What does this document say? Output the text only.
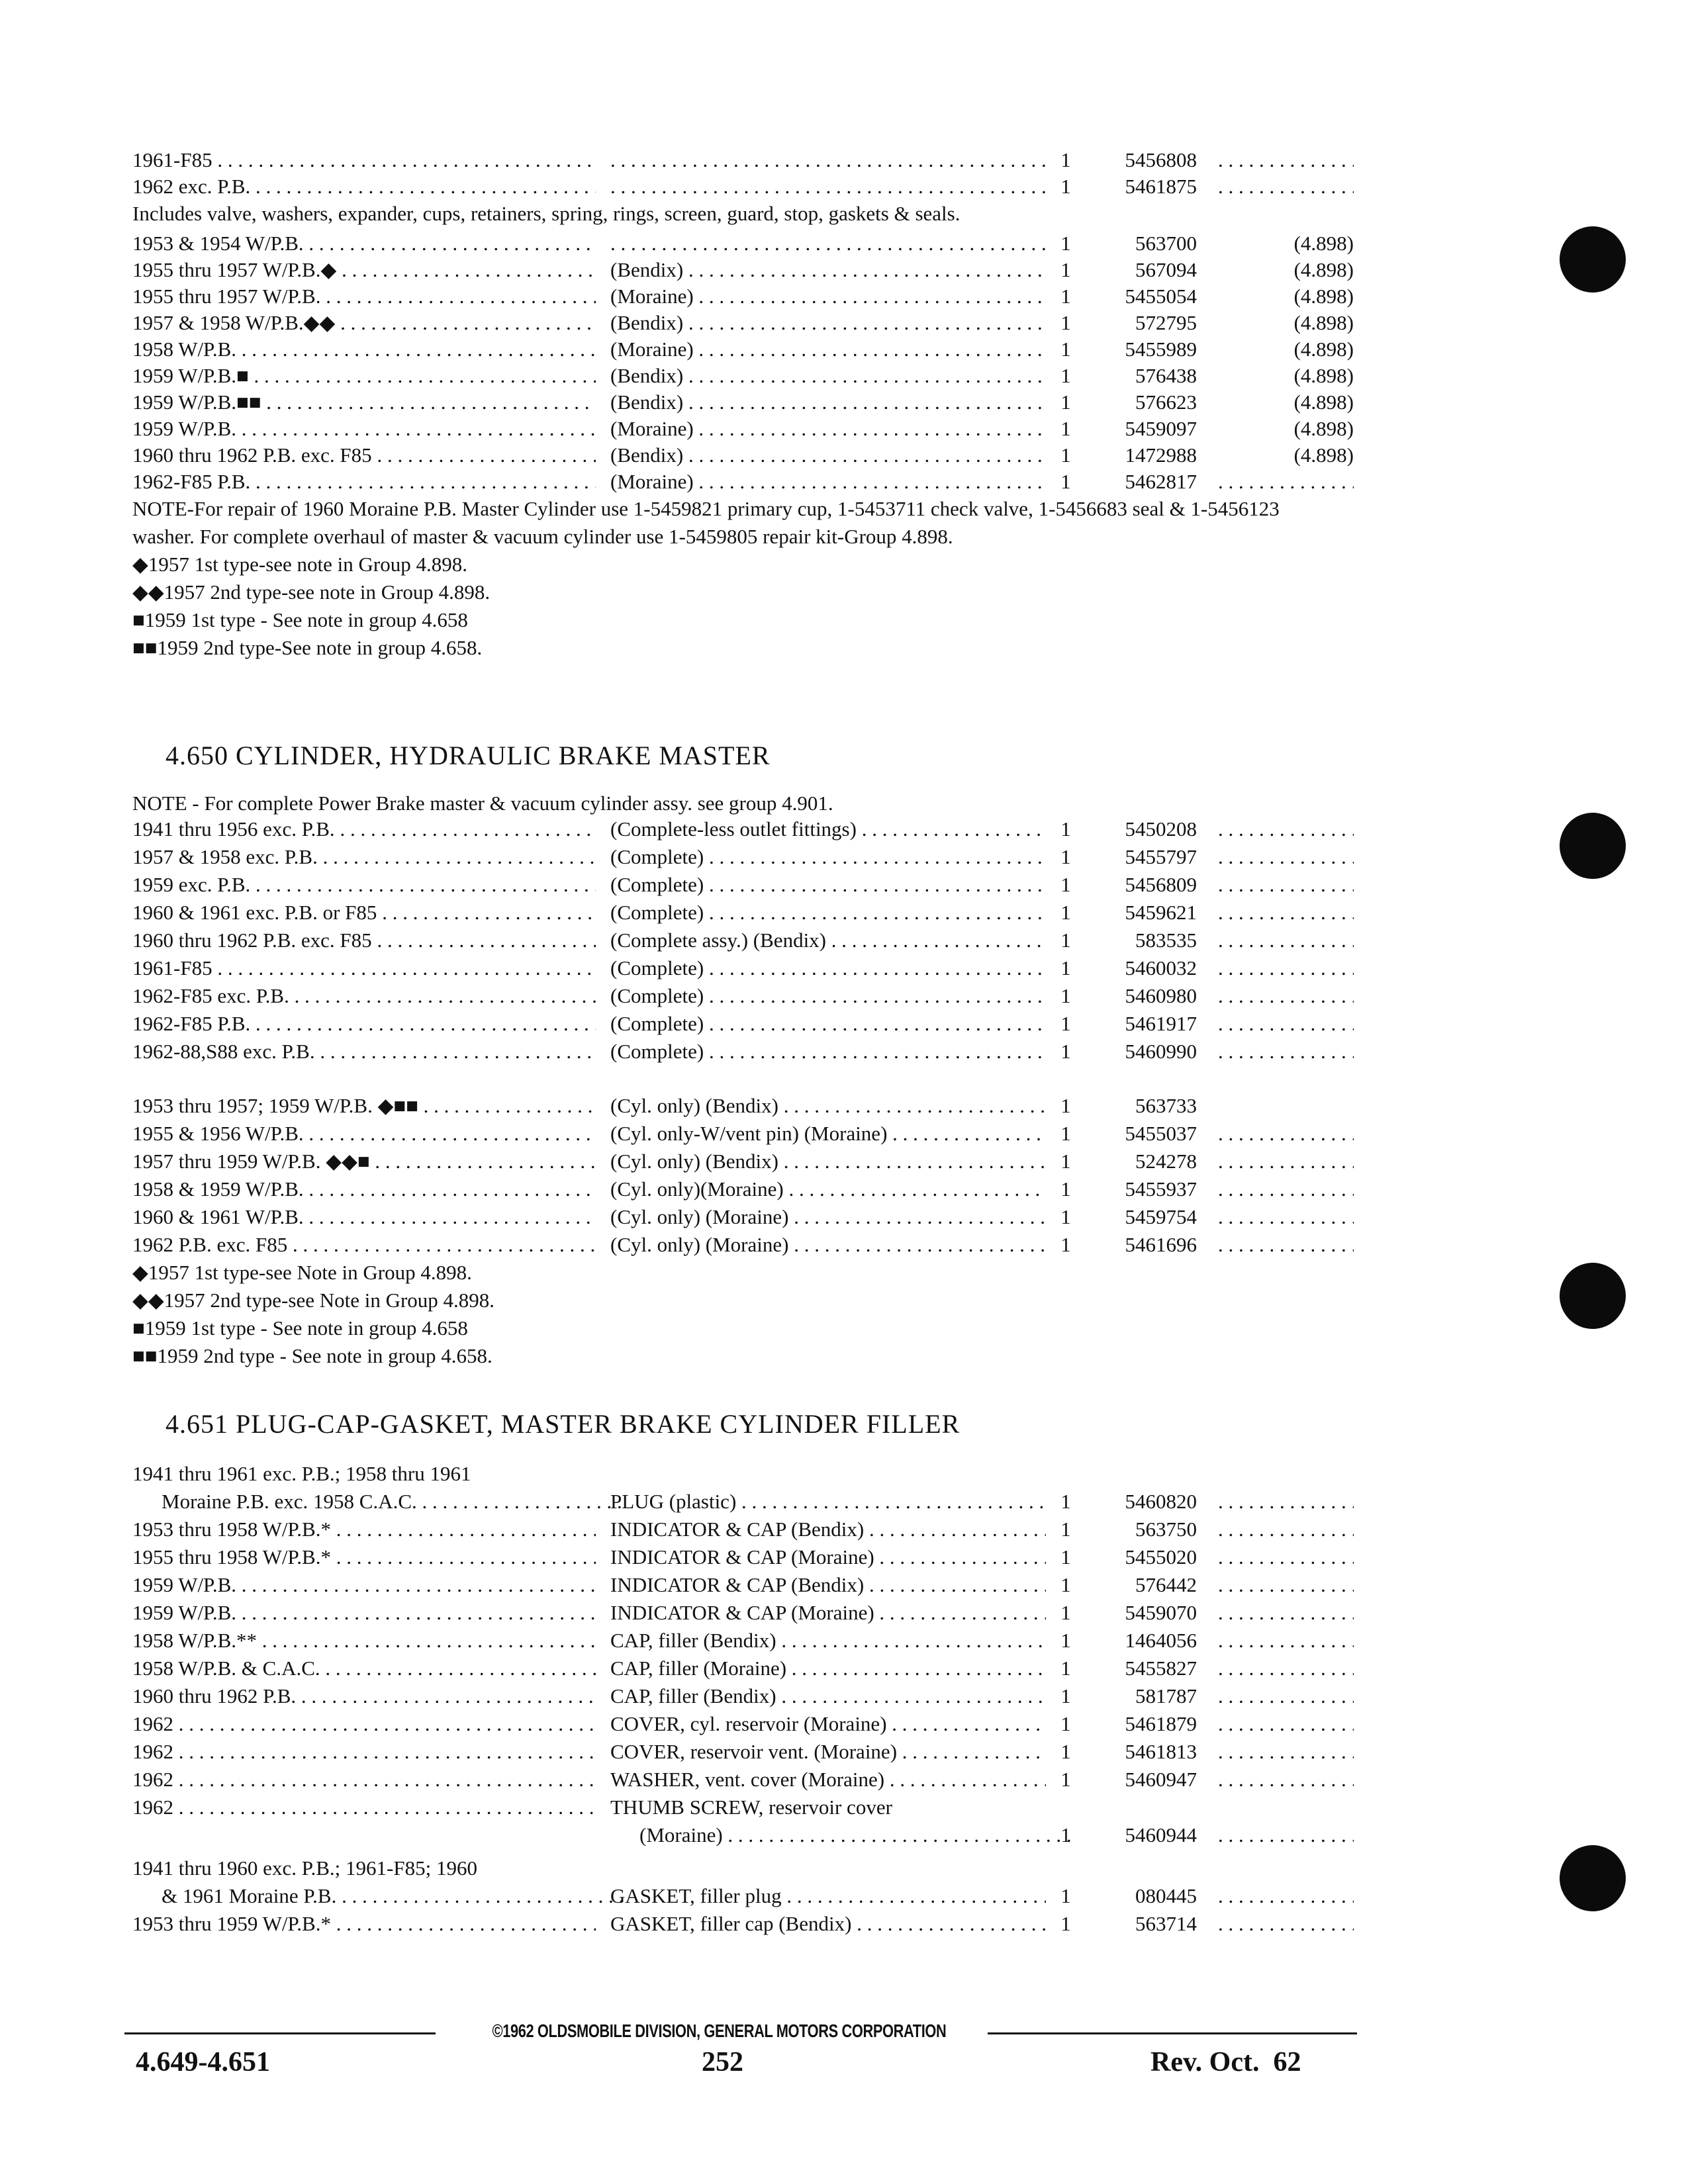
1961-F85 . . . . . .	1	5456808
. . .
1962 exc. P.B. . . . . . .	1	5461875
. . .
Includes valve, washers, expander, cups, retainers, spring, rings, screen, guard, stop, gaskets & seals.
1953 & 1954 W/P.B. . . . . . .	1	563700	(4.898)
1955 thru 1957 W/P.B.◆ . . .	(Bendix) . . .	1	567094	(4.898)
1955 thru 1957 W/P.B. . . .	(Moraine) . . .	1	5455054	(4.898)
1957 & 1958 W/P.B.◆◆ . . .	(Bendix) . . .	1	572795	(4.898)
1958 W/P.B. . . .	(Moraine) . . .	1	5455989	(4.898)
1959 W/P.B.■ . . .	(Bendix) . . .	1	576438	(4.898)
1959 W/P.B.■■ . . .	(Bendix) . . .	1	576623	(4.898)
1959 W/P.B. . . .	(Moraine) . . .	1	5459097	(4.898)
1960 thru 1962 P.B. exc. F85 . . .	(Bendix) . . .	1	1472988	(4.898)
1962-F85 P.B. . . .	(Moraine) . . .	1	5462817
. . .
NOTE-For repair of 1960 Moraine P.B. Master Cylinder use 1-5459821 primary cup, 1-5453711 check valve, 1-5456683 seal & 1-5456123 washer. For complete overhaul of master & vacuum cylinder use 1-5459805 repair kit-Group 4.898.
◆1957 1st type-see note in Group 4.898.
◆◆1957 2nd type-see note in Group 4.898.
■1959 1st type - See note in group 4.658
■■1959 2nd type-See note in group 4.658.
4.650 CYLINDER, HYDRAULIC BRAKE MASTER
NOTE - For complete Power Brake master & vacuum cylinder assy. see group 4.901.
1941 thru 1956 exc. P.B. . . .	(Complete-less outlet fittings) . . .	1	5450208
. . .
1957 & 1958 exc. P.B. . . .	(Complete) . . .	1	5455797
. . .
1959 exc. P.B. . . .	(Complete) . . .	1	5456809
. . .
1960 & 1961 exc. P.B. or F85 . . .	(Complete) . . .	1	5459621
. . .
1960 thru 1962 P.B. exc. F85 . . .	(Complete assy.) (Bendix) . . .	1	583535
. . .
1961-F85 . . .	(Complete) . . .	1	5460032
. . .
1962-F85 exc. P.B. . . .	(Complete) . . .	1	5460980
. . .
1962-F85 P.B. . . .	(Complete) . . .	1	5461917
. . .
1962-88,S88 exc. P.B. . . .	(Complete) . . .	1	5460990
. . .
1953 thru 1957; 1959 W/P.B. ◆■■ . . .	(Cyl. only) (Bendix) . . .	1	563733
1955 & 1956 W/P.B. . . .	(Cyl. only-W/vent pin) (Moraine) . . .	1	5455037
. . .
1957 thru 1959 W/P.B. ◆◆■ . . .	(Cyl. only) (Bendix) . . .	1	524278
. . .
1958 & 1959 W/P.B. . . .	(Cyl. only)(Moraine) . . .	1	5455937
. . .
1960 & 1961 W/P.B. . . .	(Cyl. only) (Moraine) . . .	1	5459754
. . .
1962 P.B. exc. F85 . . .	(Cyl. only) (Moraine) . . .	1	5461696
. . .
◆1957 1st type-see Note in Group 4.898.
◆◆1957 2nd type-see Note in Group 4.898.
■1959 1st type - See note in group 4.658
■■1959 2nd type - See note in group 4.658.
4.651 PLUG-CAP-GASKET, MASTER BRAKE CYLINDER FILLER
1941 thru 1961 exc. P.B.; 1958 thru 1961
Moraine P.B. exc. 1958 C.A.C. . . .	PLUG (plastic) . . .	1	5460820
. . .
1953 thru 1958 W/P.B.* . . .	INDICATOR & CAP (Bendix) . . .	1	563750
. . .
1955 thru 1958 W/P.B.* . . .	INDICATOR & CAP (Moraine) . . .	1	5455020
. . .
1959 W/P.B. . . .	INDICATOR & CAP (Bendix) . . .	1	576442
. . .
1959 W/P.B. . . .	INDICATOR & CAP (Moraine) . . .	1	5459070
. . .
1958 W/P.B.** . . .	CAP, filler (Bendix) . . .	1	1464056
. . .
1958 W/P.B. & C.A.C. . . .	CAP, filler (Moraine) . . .	1	5455827
. . .
1960 thru 1962 P.B. . . .	CAP, filler (Bendix) . . .	1	581787
. . .
1962 . . .	COVER, cyl. reservoir (Moraine) . . .	1	5461879
. . .
1962 . . .	COVER, reservoir vent. (Moraine) . . .	1	5461813
. . .
1962 . . .	WASHER, vent. cover (Moraine) . . .	1	5460947
. . .
1962 . . .	THUMB SCREW, reservoir cover
(Moraine) . . .	1	5460944
. . .
1941 thru 1960 exc. P.B.; 1961-F85; 1960
& 1961 Moraine P.B. . . .	GASKET, filler plug . . .	1	080445
. . .
1953 thru 1959 W/P.B.* . . .	GASKET, filler cap (Bendix) . . .	1	563714
. . .
©1962 OLDSMOBILE DIVISION, GENERAL MOTORS CORPORATION
4.649-4.651	252	Rev. Oct.  62
